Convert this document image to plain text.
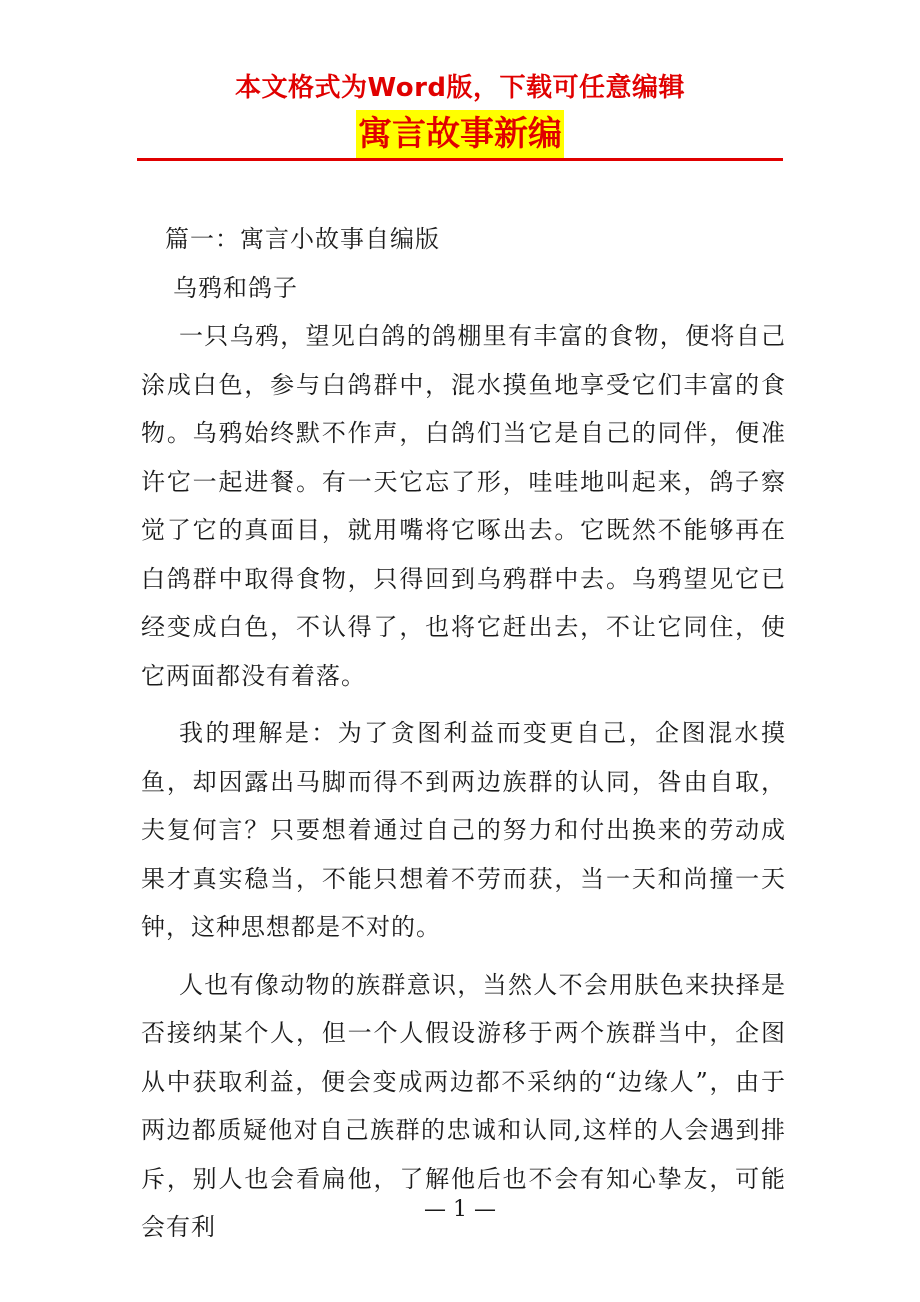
本文格式为Word版，下载可任意编辑
寓言故事新编

篇一：寓言小故事自编版

乌鸦和鸽子

一只乌鸦，望见白鸽的鸽棚里有丰富的食物，便将自己涂成白色，参与白鸽群中，混水摸鱼地享受它们丰富的食物。乌鸦始终默不作声，白鸽们当它是自己的同伴，便准许它一起进餐。有一天它忘了形，哇哇地叫起来，鸽子察觉了它的真面目，就用嘴将它啄出去。它既然不能够再在白鸽群中取得食物，只得回到乌鸦群中去。乌鸦望见它已经变成白色，不认得了，也将它赶出去，不让它同住，使它两面都没有着落。

我的理解是：为了贪图利益而变更自己，企图混水摸鱼，却因露出马脚而得不到两边族群的认同，咎由自取，夫复何言？只要想着通过自己的努力和付出换来的劳动成果才真实稳当，不能只想着不劳而获，当一天和尚撞一天钟，这种思想都是不对的。

人也有像动物的族群意识，当然人不会用肤色来抉择是否接纳某个人，但一个人假设游移于两个族群当中，企图从中获取利益，便会变成两边都不采纳的“边缘人”，由于两边都质疑他对自己族群的忠诚和认同,这样的人会遇到排斥，别人也会看扁他，了解他后也不会有知心挚友，可能会有利

— 1 —
